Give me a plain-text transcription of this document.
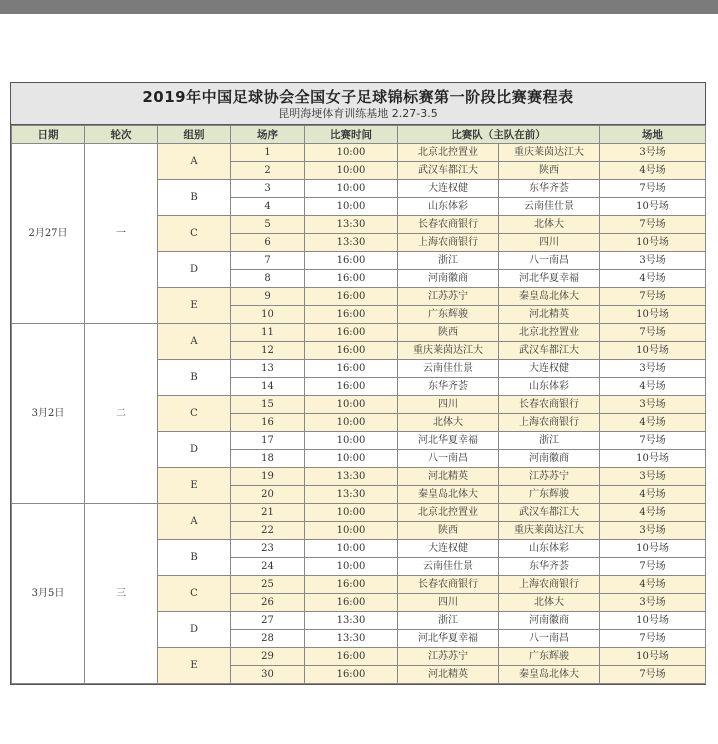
2019年中国足球协会全国女子足球锦标赛第一阶段比赛赛程表
昆明海埂体育训练基地 2.27-3.5
日期	轮次	组别	场序	比赛时间	比赛队（主队在前）		场地
2月27日	一	A	1	10:00	北京北控置业	重庆莱茵达江大	3号场
			2	10:00	武汉车都江大	陕西	4号场
		B	3	10:00	大连权健	东华齐荟	7号场
			4	10:00	山东体彩	云南佳仕景	10号场
		C	5	13:30	长春农商银行	北体大	7号场
			6	13:30	上海农商银行	四川	10号场
		D	7	16:00	浙江	八一南昌	3号场
			8	16:00	河南徽商	河北华夏幸福	4号场
		E	9	16:00	江苏苏宁	秦皇岛北体大	7号场
			10	16:00	广东辉骏	河北精英	10号场
3月2日	二	A	11	16:00	陕西	北京北控置业	7号场
			12	16:00	重庆莱茵达江大	武汉车都江大	10号场
		B	13	16:00	云南佳仕景	大连权健	3号场
			14	16:00	东华齐荟	山东体彩	4号场
		C	15	10:00	四川	长春农商银行	3号场
			16	10:00	北体大	上海农商银行	4号场
		D	17	10:00	河北华夏幸福	浙江	7号场
			18	10:00	八一南昌	河南徽商	10号场
		E	19	13:30	河北精英	江苏苏宁	3号场
			20	13:30	秦皇岛北体大	广东辉骏	4号场
3月5日	三	A	21	10:00	北京北控置业	武汉车都江大	4号场
			22	10:00	陕西	重庆莱茵达江大	3号场
		B	23	10:00	大连权健	山东体彩	10号场
			24	10:00	云南佳仕景	东华齐荟	7号场
		C	25	16:00	长春农商银行	上海农商银行	4号场
			26	16:00	四川	北体大	3号场
		D	27	13:30	浙江	河南徽商	10号场
			28	13:30	河北华夏幸福	八一南昌	7号场
		E	29	16:00	江苏苏宁	广东辉骏	10号场
			30	16:00	河北精英	秦皇岛北体大	7号场
